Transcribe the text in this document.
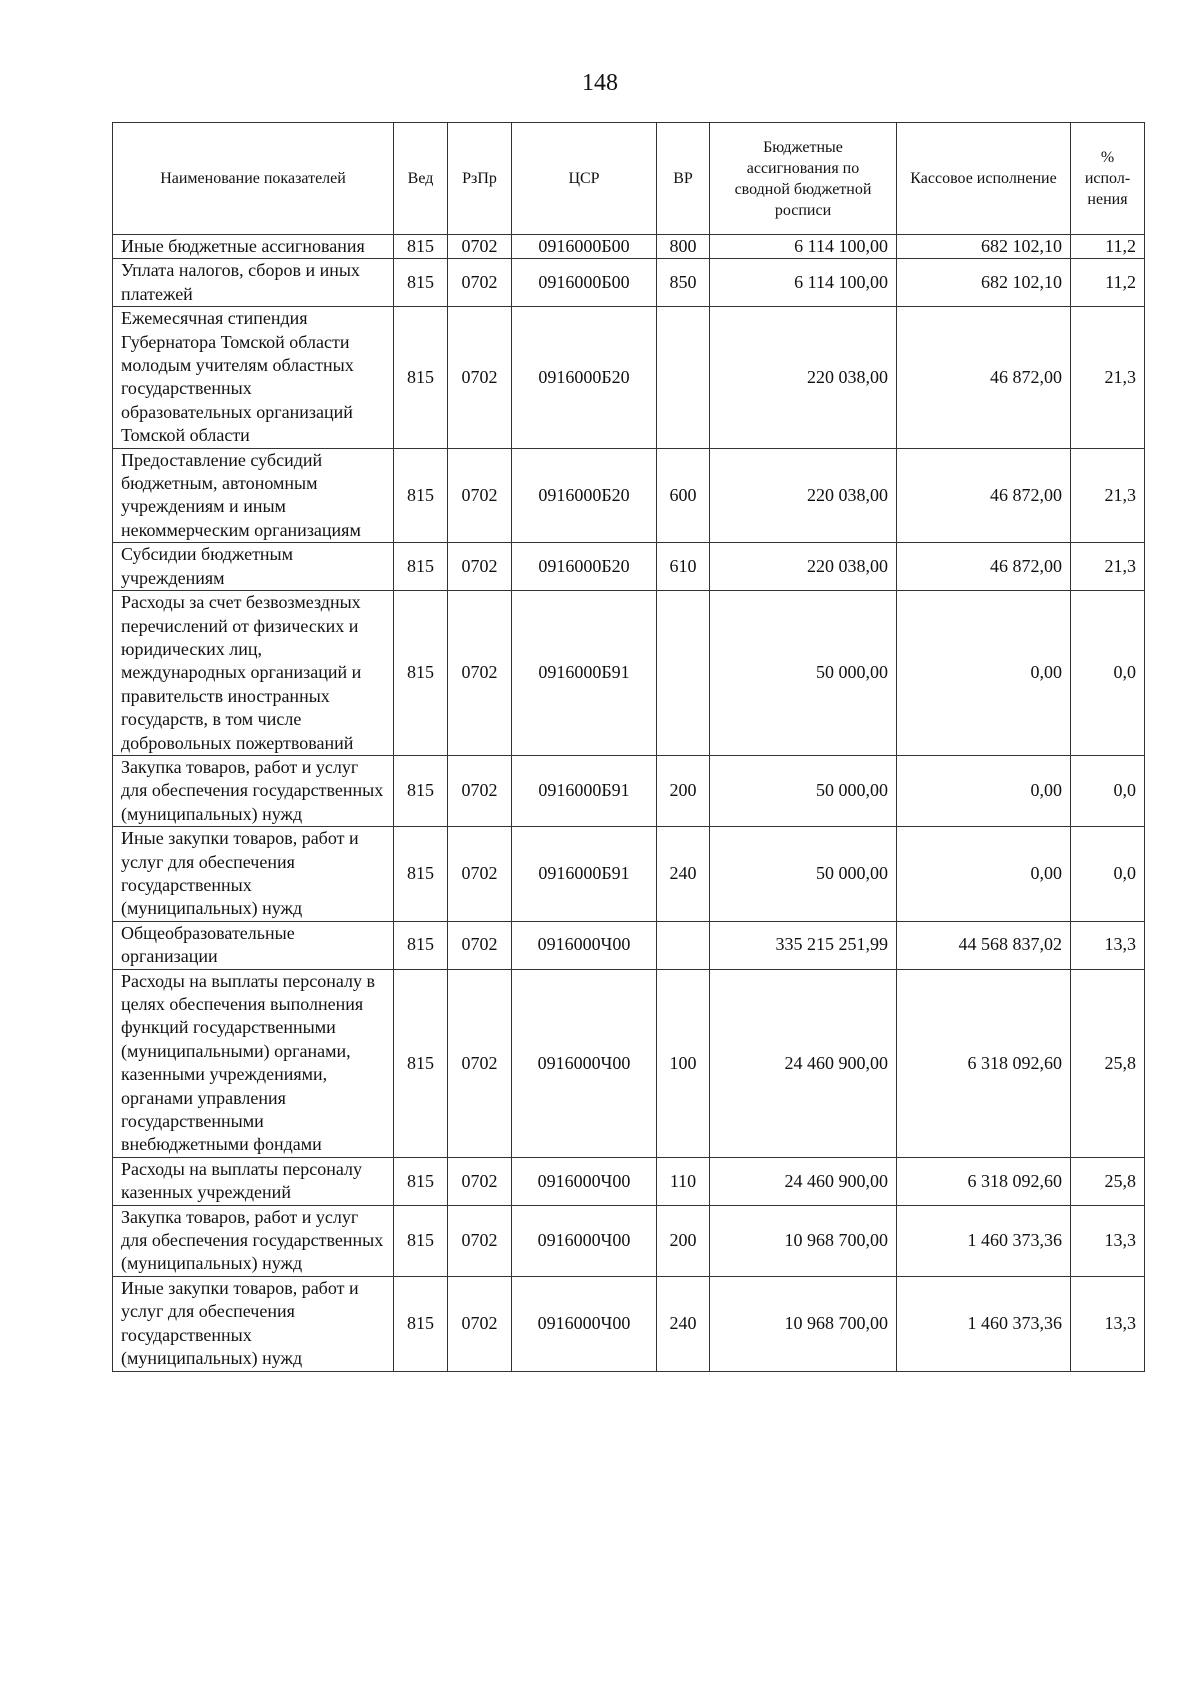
148
Наименование показателей	Вед	РзПр	ЦСР	ВР	Бюджетные ассигнования по сводной бюджетной росписи	Кассовое исполнение	% испол-нения
Иные бюджетные ассигнования	815	0702	0916000Б00	800	6 114 100,00	682 102,10	11,2
Уплата налогов, сборов и иных платежей	815	0702	0916000Б00	850	6 114 100,00	682 102,10	11,2
Ежемесячная стипендия Губернатора Томской области молодым учителям областных государственных образовательных организаций Томской области	815	0702	0916000Б20		220 038,00	46 872,00	21,3
Предоставление субсидий бюджетным, автономным учреждениям и иным некоммерческим организациям	815	0702	0916000Б20	600	220 038,00	46 872,00	21,3
Субсидии бюджетным учреждениям	815	0702	0916000Б20	610	220 038,00	46 872,00	21,3
Расходы за счет безвозмездных перечислений от физических и юридических лиц, международных организаций и правительств иностранных государств, в том числе добровольных пожертвований	815	0702	0916000Б91		50 000,00	0,00	0,0
Закупка товаров, работ и услуг для обеспечения государственных (муниципальных) нужд	815	0702	0916000Б91	200	50 000,00	0,00	0,0
Иные закупки товаров, работ и услуг для обеспечения государственных (муниципальных) нужд	815	0702	0916000Б91	240	50 000,00	0,00	0,0
Общеобразовательные организации	815	0702	0916000Ч00		335 215 251,99	44 568 837,02	13,3
Расходы на выплаты персоналу в целях обеспечения выполнения функций государственными (муниципальными) органами, казенными учреждениями, органами управления государственными внебюджетными фондами	815	0702	0916000Ч00	100	24 460 900,00	6 318 092,60	25,8
Расходы на выплаты персоналу казенных учреждений	815	0702	0916000Ч00	110	24 460 900,00	6 318 092,60	25,8
Закупка товаров, работ и услуг для обеспечения государственных (муниципальных) нужд	815	0702	0916000Ч00	200	10 968 700,00	1 460 373,36	13,3
Иные закупки товаров, работ и услуг для обеспечения государственных (муниципальных) нужд	815	0702	0916000Ч00	240	10 968 700,00	1 460 373,36	13,3
